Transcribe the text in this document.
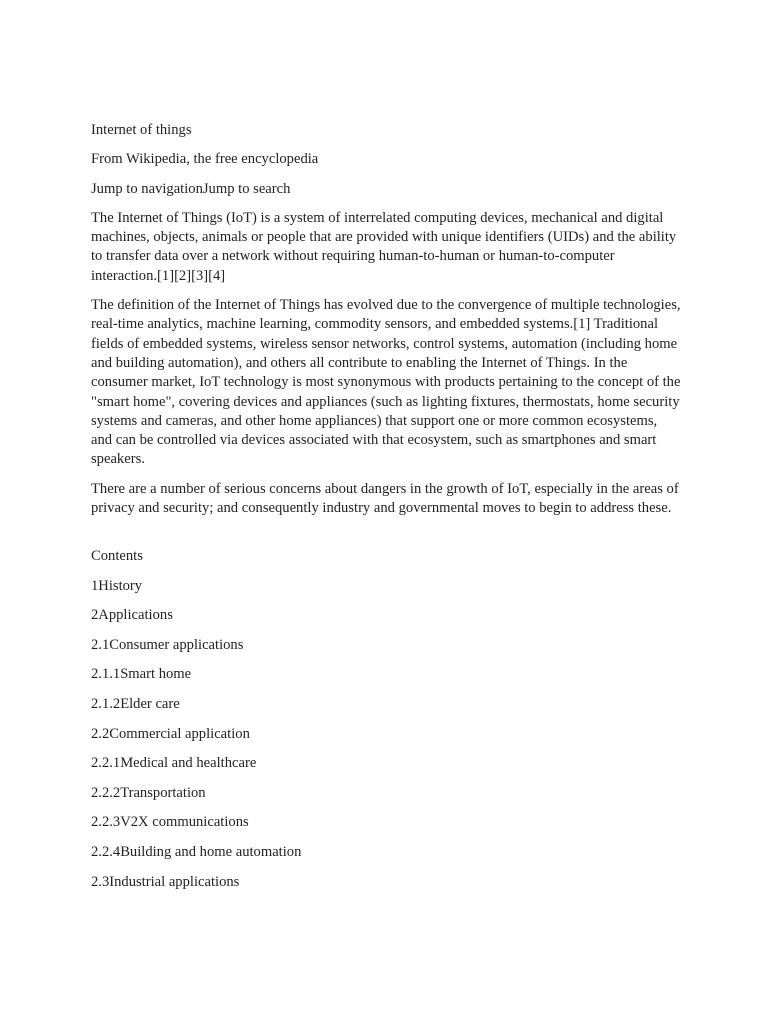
Internet of things

From Wikipedia, the free encyclopedia

Jump to navigationJump to search

The Internet of Things (IoT) is a system of interrelated computing devices, mechanical and digital machines, objects, animals or people that are provided with unique identifiers (UIDs) and the ability to transfer data over a network without requiring human-to-human or human-to-computer interaction.[1][2][3][4]

The definition of the Internet of Things has evolved due to the convergence of multiple technologies, real-time analytics, machine learning, commodity sensors, and embedded systems.[1] Traditional fields of embedded systems, wireless sensor networks, control systems, automation (including home and building automation), and others all contribute to enabling the Internet of Things. In the consumer market, IoT technology is most synonymous with products pertaining to the concept of the "smart home", covering devices and appliances (such as lighting fixtures, thermostats, home security systems and cameras, and other home appliances) that support one or more common ecosystems, and can be controlled via devices associated with that ecosystem, such as smartphones and smart speakers.

There are a number of serious concerns about dangers in the growth of IoT, especially in the areas of privacy and security; and consequently industry and governmental moves to begin to address these.

Contents

1History
2Applications
2.1Consumer applications
2.1.1Smart home
2.1.2Elder care
2.2Commercial application
2.2.1Medical and healthcare
2.2.2Transportation
2.2.3V2X communications
2.2.4Building and home automation
2.3Industrial applications
